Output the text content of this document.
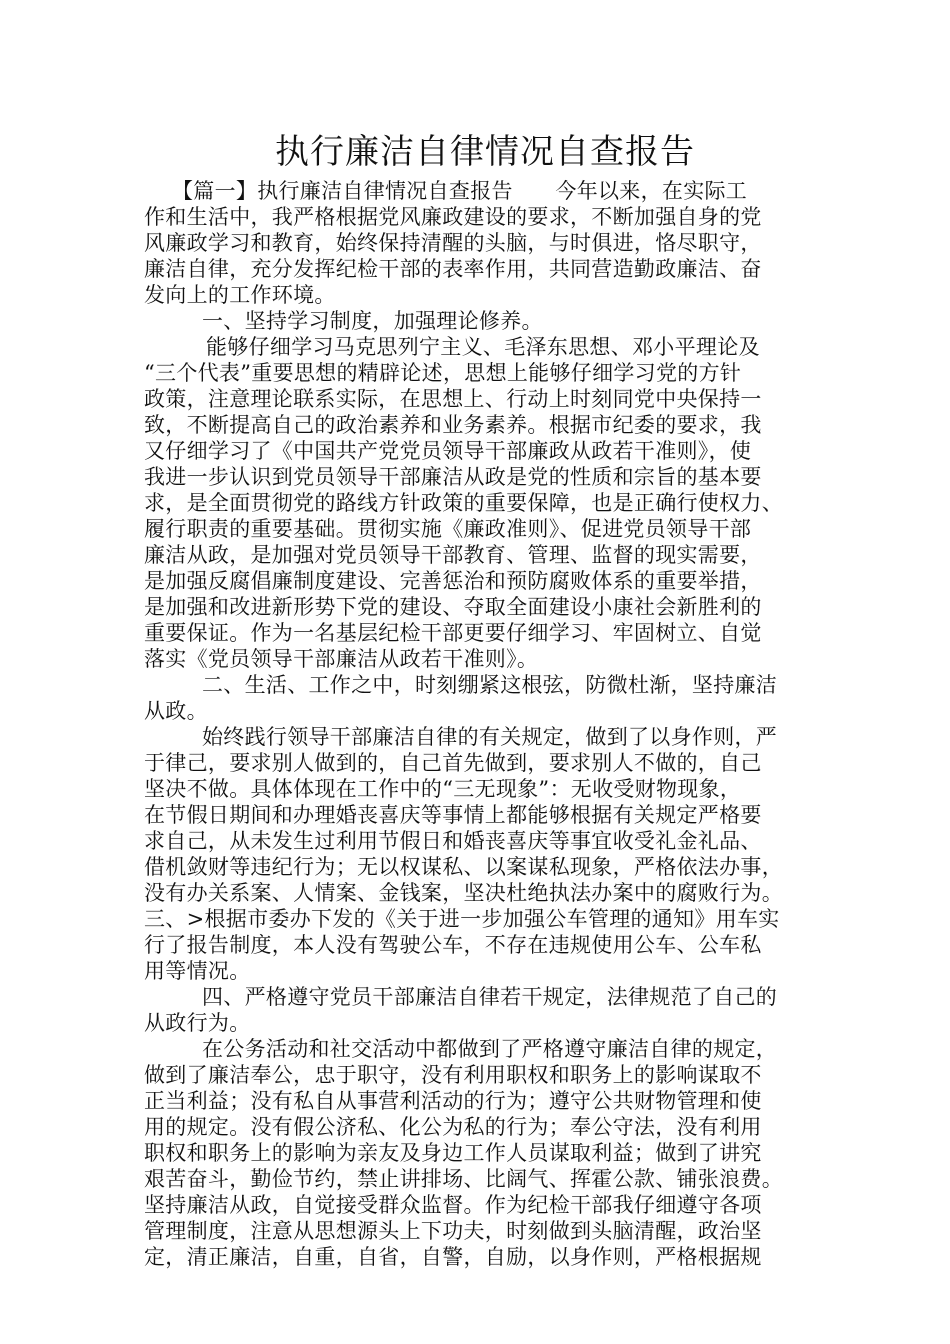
执行廉洁自律情况自查报告
【篇一】执行廉洁自律情况自查报告　　今年以来，在实际工
作和生活中，我严格根据党风廉政建设的要求，不断加强自身的党
风廉政学习和教育，始终保持清醒的头脑，与时俱进，恪尽职守，
廉洁自律，充分发挥纪检干部的表率作用，共同营造勤政廉洁、奋
发向上的工作环境。
一、坚持学习制度，加强理论修养。
能够仔细学习马克思列宁主义、毛泽东思想、邓小平理论及
“三个代表”重要思想的精辟论述，思想上能够仔细学习党的方针
政策，注意理论联系实际，在思想上、行动上时刻同党中央保持一
致，不断提高自己的政治素养和业务素养。根据市纪委的要求，我
又仔细学习了《中国共产党党员领导干部廉政从政若干准则》，使
我进一步认识到党员领导干部廉洁从政是党的性质和宗旨的基本要
求，是全面贯彻党的路线方针政策的重要保障，也是正确行使权力、
履行职责的重要基础。贯彻实施《廉政准则》、促进党员领导干部
廉洁从政，是加强对党员领导干部教育、管理、监督的现实需要，
是加强反腐倡廉制度建设、完善惩治和预防腐败体系的重要举措，
是加强和改进新形势下党的建设、夺取全面建设小康社会新胜利的
重要保证。作为一名基层纪检干部更要仔细学习、牢固树立、自觉
落实《党员领导干部廉洁从政若干准则》。
二、生活、工作之中，时刻绷紧这根弦，防微杜渐，坚持廉洁
从政。
始终践行领导干部廉洁自律的有关规定，做到了以身作则，严
于律己，要求别人做到的，自己首先做到，要求别人不做的，自己
坚决不做。具体体现在工作中的“三无现象”：无收受财物现象，
在节假日期间和办理婚丧喜庆等事情上都能够根据有关规定严格要
求自己，从未发生过利用节假日和婚丧喜庆等事宜收受礼金礼品、
借机敛财等违纪行为；无以权谋私、以案谋私现象，严格依法办事，
没有办关系案、人情案、金钱案，坚决杜绝执法办案中的腐败行为。
三、>根据市委办下发的《关于进一步加强公车管理的通知》用车实
行了报告制度，本人没有驾驶公车，不存在违规使用公车、公车私
用等情况。
四、严格遵守党员干部廉洁自律若干规定，法律规范了自己的
从政行为。
在公务活动和社交活动中都做到了严格遵守廉洁自律的规定，
做到了廉洁奉公，忠于职守，没有利用职权和职务上的影响谋取不
正当利益；没有私自从事营利活动的行为；遵守公共财物管理和使
用的规定。没有假公济私、化公为私的行为；奉公守法，没有利用
职权和职务上的影响为亲友及身边工作人员谋取利益；做到了讲究
艰苦奋斗，勤俭节约，禁止讲排场、比阔气、挥霍公款、铺张浪费。
坚持廉洁从政，自觉接受群众监督。作为纪检干部我仔细遵守各项
管理制度，注意从思想源头上下功夫，时刻做到头脑清醒，政治坚
定，清正廉洁，自重，自省，自警，自励，以身作则，严格根据规
